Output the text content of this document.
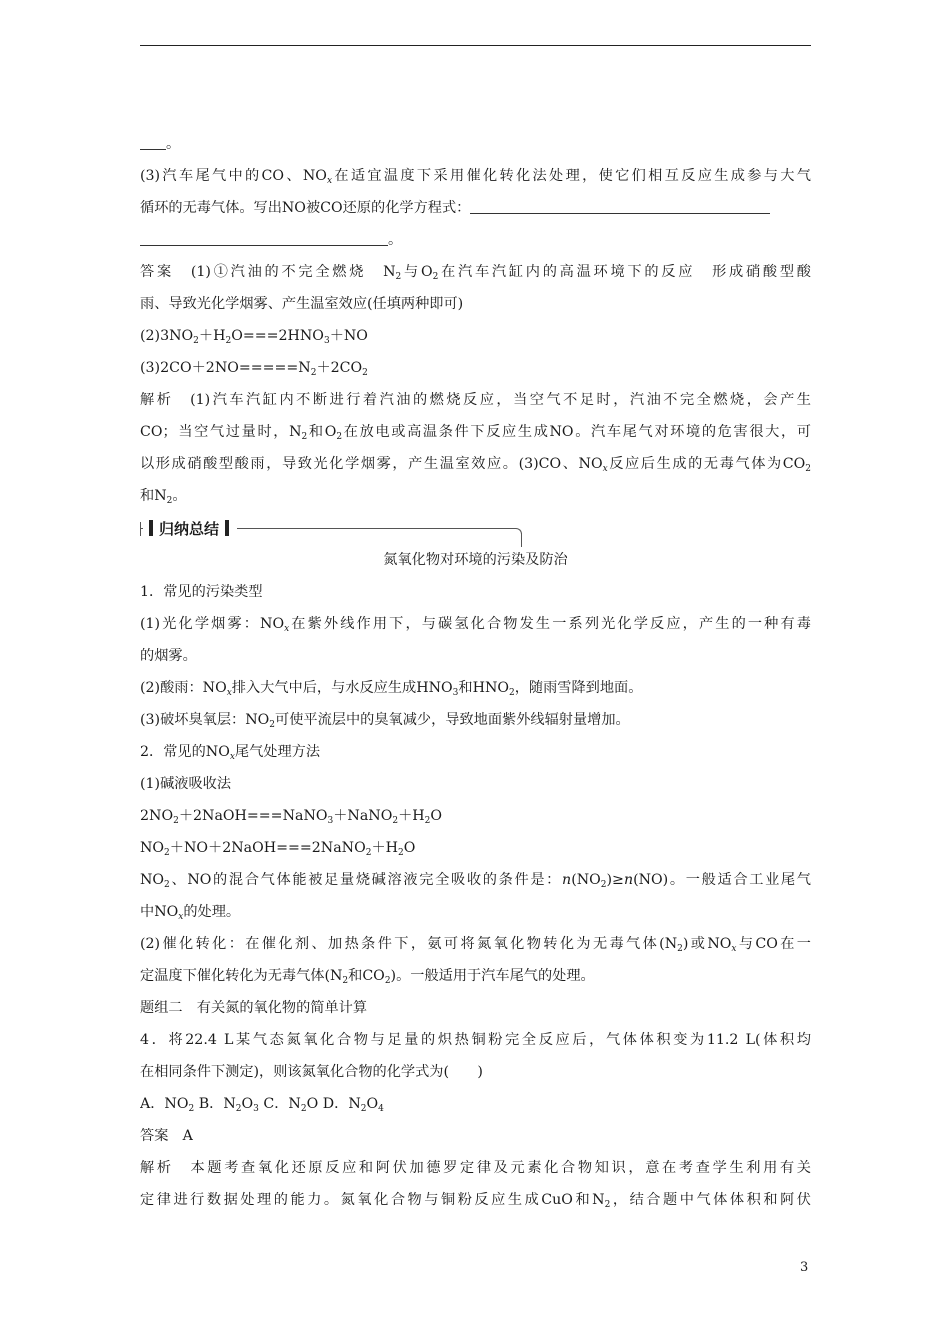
。
(3)汽车尾气中的CO、$NO_x$在适宜温度下采用催化转化法处理，使它们相互反应生成参与大气
循环的无毒气体。写出NO被CO还原的化学方程式：
。
答案　 (1)①汽油的不完全燃烧　$N_2$与$O_2$在汽车汽缸内的高温环境下的反应　形成硝酸型酸
雨、导致光化学烟雾、产生温室效应(任填两种即可)
$(2)3NO_2+H_2O===2HNO_3+NO$
$(3)2CO+2NO=====N_2+2CO_2$
解析　 (1)汽车汽缸内不断进行着汽油的燃烧反应，当空气不足时，汽油不完全燃烧，会产生
CO；当空气过量时，$N_2$和$O_2$在放电或高温条件下反应生成NO。汽车尾气对环境的危害很大，可
以形成硝酸型酸雨，导致光化学烟雾，产生温室效应。(3)CO、$NO_x$反应后生成的无毒气体为$CO_2$
和$N_2$。
归纳总结
氮氧化物对环境的污染及防治
1．常见的污染类型
(1)光化学烟雾：$NO_x$在紫外线作用下，与碳氢化合物发生一系列光化学反应，产生的一种有毒
的烟雾。
(2)酸雨：$NO_x$排入大气中后，与水反应生成$HNO_3$和$HNO_2$，随雨雪降到地面。
(3)破坏臭氧层：$NO_2$可使平流层中的臭氧减少，导致地面紫外线辐射量增加。
2．常见的$NO_x$尾气处理方法
(1)碱液吸收法
$2NO_2+2NaOH===NaNO_3+NaNO_2+H_2O$
$NO_2+NO+2NaOH===2NaNO_2+H_2O$
$NO_2$、NO的混合气体能被足量烧碱溶液完全吸收的条件是：$n(NO_2)\ge n(NO)$。一般适合工业尾气
中$NO_x$的处理。
(2)催化转化：在催化剂、加热条件下，氨可将氮氧化物转化为无毒气体$(N_2)$或$NO_x$与CO在一
定温度下催化转化为无毒气体($N_2$和$CO_2$)。一般适用于汽车尾气的处理。
题组二　有关氮的氧化物的简单计算
4．将22.4 L某气态氮氧化合物与足量的炽热铜粉完全反应后，气体体积变为11.2 L(体积均
在相同条件下测定)，则该氮氧化合物的化学式为(　　)
A．$NO_2$ B．$N_2O_3$ C．$N_2O$ D．$N_2O_4$
答案　 A
解析　 本题考查氧化还原反应和阿伏加德罗定律及元素化合物知识，意在考查学生利用有关
定律进行数据处理的能力。氮氧化合物与铜粉反应生成CuO和$N_2$，结合题中气体体积和阿伏
3
